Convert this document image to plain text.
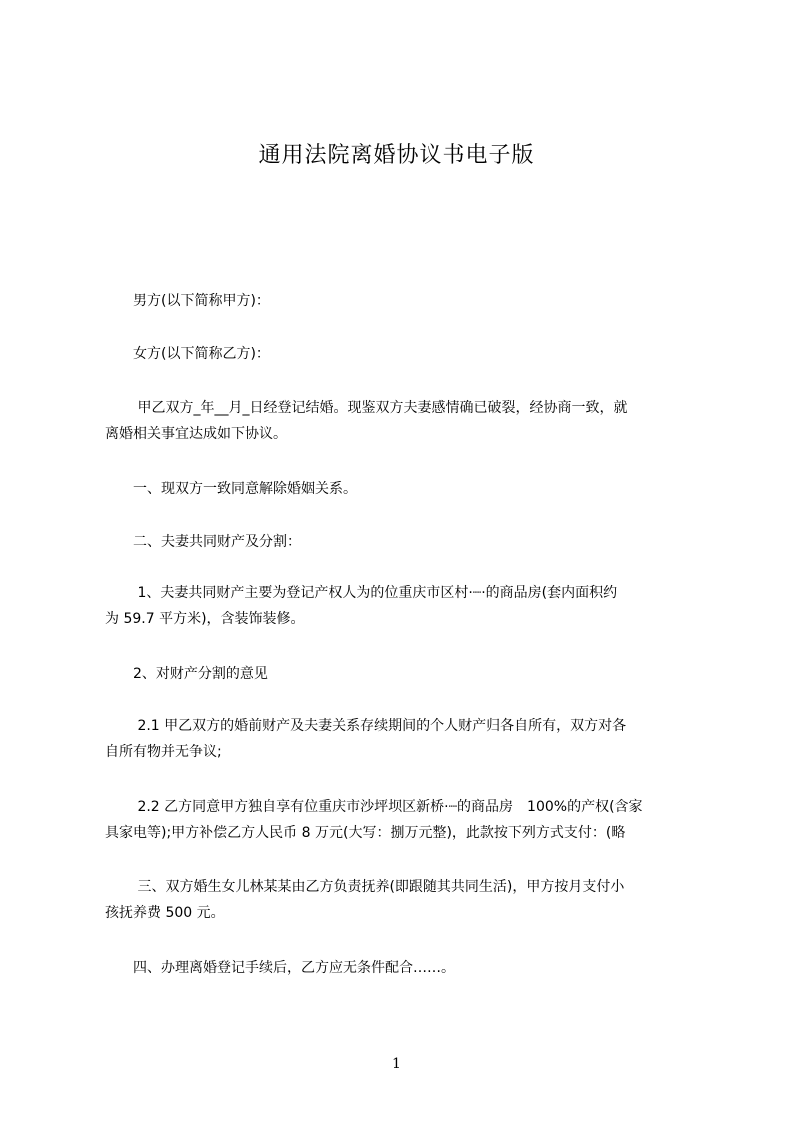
通用法院离婚协议书电子版
　　男方(以下简称甲方)：
　　女方(以下简称乙方)：
　　 甲乙双方_年__月_日经登记结婚。现鉴双方夫妻感情确已破裂，经协商一致，就
离婚相关事宜达成如下协议。
　　一、现双方一致同意解除婚姻关系。
　　二、夫妻共同财产及分割：
　　 1、夫妻共同财产主要为登记产权人为的位重庆市区村·┈·的商品房(套内面积约
为 59.7 平方米)，含装饰装修。
　　2、对财产分割的意见
　　 2.1 甲乙双方的婚前财产及夫妻关系存续期间的个人财产归各自所有，双方对各
自所有物并无争议;
　　 2.2 乙方同意甲方独自享有位重庆市沙坪坝区新桥·┈的商品房　100%的产权(含家
具家电等);甲方补偿乙方人民币 8 万元(大写：捌万元整)，此款按下列方式支付：(略
　　 三、双方婚生女儿林某某由乙方负责抚养(即跟随其共同生活)，甲方按月支付小
孩抚养费 500 元。
　　四、办理离婚登记手续后，乙方应无条件配合……。
1
